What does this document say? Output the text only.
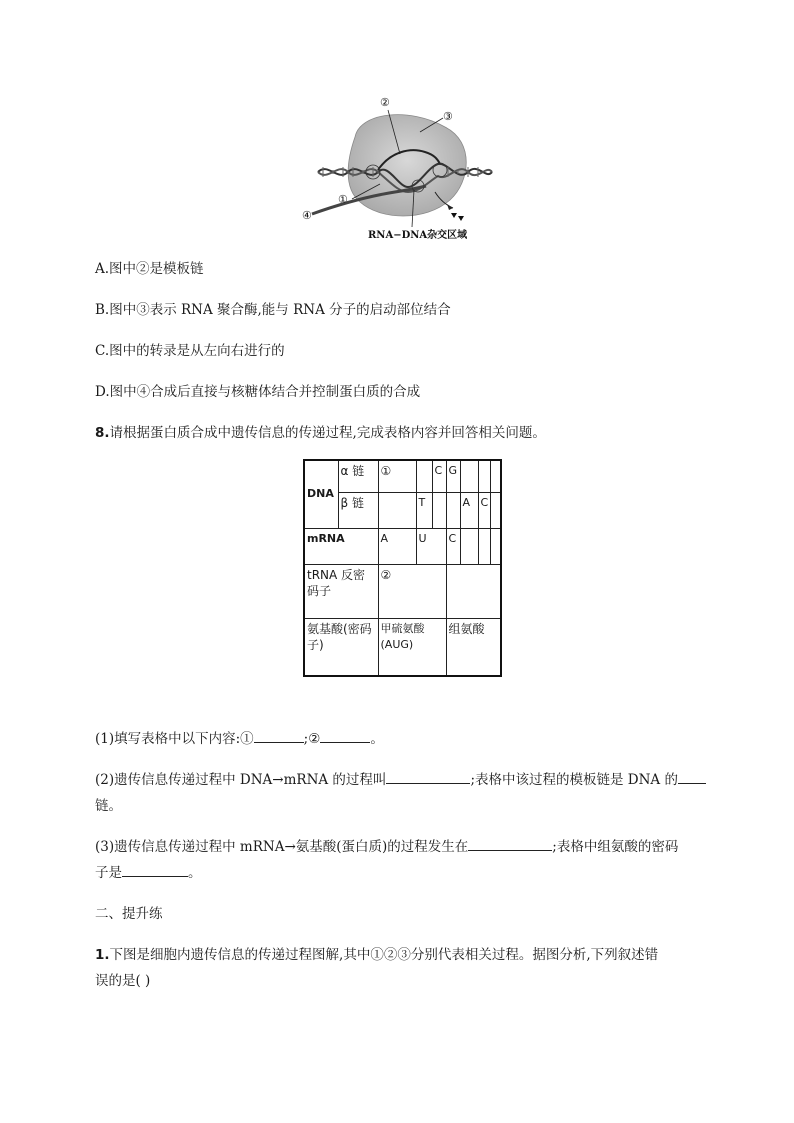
②
③
①
④
RNA−DNA杂交区域
A.图中②是模板链
B.图中③表示 RNA 聚合酶,能与 RNA 分子的启动部位结合
C.图中的转录是从左向右进行的
D.图中④合成后直接与核糖体结合并控制蛋白质的合成
8.请根据蛋白质合成中遗传信息的传递过程,完成表格内容并回答相关问题。
DNA	α 链	①		C	G			
	β 链		T			A	C	
mRNA		A	U		C			
tRNA 反密码子		②						
氨基酸(密码子)		甲硫氨酸(AUG)			组氨酸			
(1)填写表格中以下内容:①	;②	。
(2)遗传信息传递过程中 DNA→mRNA 的过程叫	;表格中该过程的模板链是 DNA 的
链。
(3)遗传信息传递过程中 mRNA→氨基酸(蛋白质)的过程发生在	;表格中组氨酸的密码
子是	。
二、提升练
1.下图是细胞内遗传信息的传递过程图解,其中①②③分别代表相关过程。据图分析,下列叙述错
误的是( )
